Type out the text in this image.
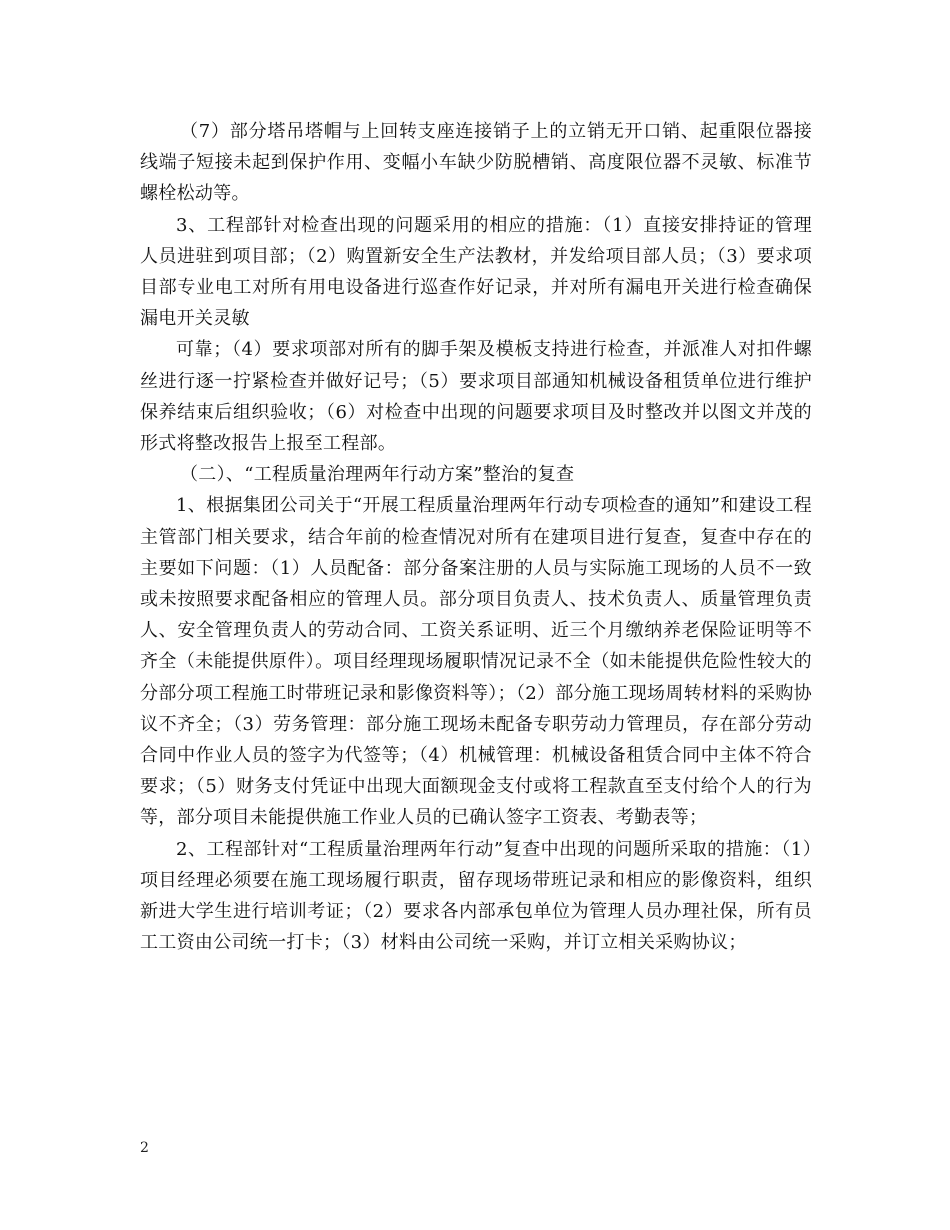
（7）部分塔吊塔帽与上回转支座连接销子上的立销无开口销、起重限位器接线端子短接未起到保护作用、变幅小车缺少防脱槽销、高度限位器不灵敏、标准节螺栓松动等。

3、工程部针对检查出现的问题采用的相应的措施：（1）直接安排持证的管理人员进驻到项目部；（2）购置新安全生产法教材，并发给项目部人员；（3）要求项目部专业电工对所有用电设备进行巡查作好记录，并对所有漏电开关进行检查确保漏电开关灵敏

可靠；（4）要求项部对所有的脚手架及模板支持进行检查，并派准人对扣件螺丝进行逐一拧紧检查并做好记号；（5）要求项目部通知机械设备租赁单位进行维护保养结束后组织验收；（6）对检查中出现的问题要求项目及时整改并以图文并茂的形式将整改报告上报至工程部。

（二）、“工程质量治理两年行动方案”整治的复查

1、根据集团公司关于“开展工程质量治理两年行动专项检查的通知”和建设工程主管部门相关要求，结合年前的检查情况对所有在建项目进行复查，复查中存在的主要如下问题：（1）人员配备：部分备案注册的人员与实际施工现场的人员不一致或未按照要求配备相应的管理人员。部分项目负责人、技术负责人、质量管理负责人、安全管理负责人的劳动合同、工资关系证明、近三个月缴纳养老保险证明等不齐全（未能提供原件）。项目经理现场履职情况记录不全（如未能提供危险性较大的分部分项工程施工时带班记录和影像资料等）；（2）部分施工现场周转材料的采购协议不齐全；（3）劳务管理：部分施工现场未配备专职劳动力管理员，存在部分劳动合同中作业人员的签字为代签等；（4）机械管理：机械设备租赁合同中主体不符合要求；（5）财务支付凭证中出现大面额现金支付或将工程款直至支付给个人的行为等，部分项目未能提供施工作业人员的已确认签字工资表、考勤表等；

2、工程部针对“工程质量治理两年行动”复查中出现的问题所采取的措施：（1）项目经理必须要在施工现场履行职责，留存现场带班记录和相应的影像资料，组织新进大学生进行培训考证；（2）要求各内部承包单位为管理人员办理社保，所有员工工资由公司统一打卡；（3）材料由公司统一采购，并订立相关采购协议；

2
